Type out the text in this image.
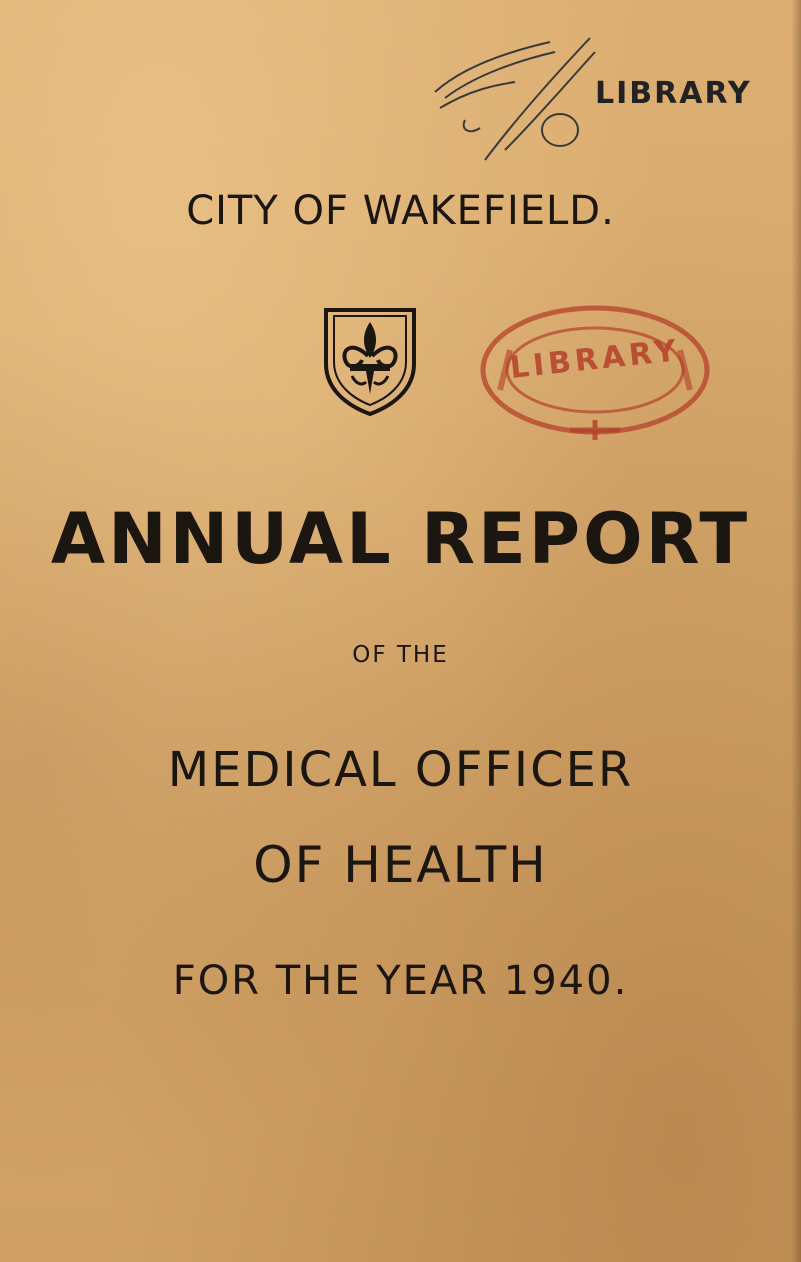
LIBRARY
CITY OF WAKEFIELD.
LIBRARY
ANNUAL REPORT
OF THE
MEDICAL OFFICER
OF HEALTH
FOR THE YEAR 1940.
